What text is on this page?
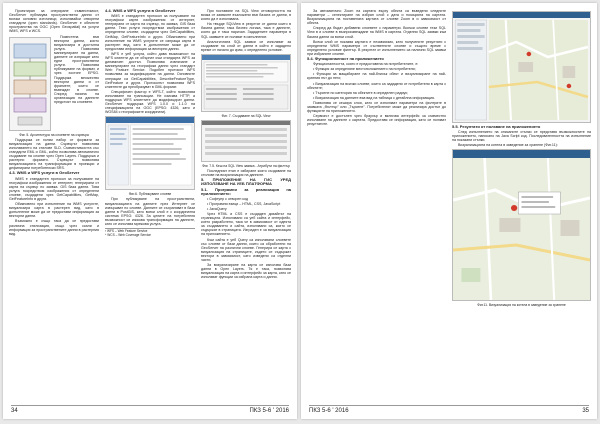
Проектиран за опериране съвместимост, GeoServer публикува пространствени данни от всички основни източници, използвайки отворени стандарти (open standards). GeoServer е обектите пространства на OGC (Open Geospatial) на услуги WMS, WFS и WCS.

Поместена във векторни данни, които визуализира в достъпна услуга. Позволява манипулиране на данни, данните се изпращат като едни пространствени услуги. Позволява публикуване на формат, и чрез хостинг EPSG. Поддържа множество векторни данни и от фрагмент, които се въвеждат в слоеве. Според начина на организация на данните предстоят на слоевете.

Фиг. 5. Архитектура на слоевете на сървъра

Поддържа се голям набор от формати за визуализация на данни. Сървърът позволява използването на стилове SLD. Съвместимостта със стандарти EML и GML, който позволява автоматично създаване на слоеве чрез Open Layers. Поддържа и растерни формати. Сървърът позволява визуализацията на трансформации в проекции и дефинирани потребителски SRS.

4.3. WMS и WFS услуги в GeoServer

WMS е стандартен протокол за получаване на географски изображения от интернет, генерирани от карта на сървър по заявка. GIS база данни. Това услуга посредством изображения от определени слоеве, създадени чрез GetCapabilities, GetMap, GetFeatureInfo в други.

Обикновено при изпълнение на WMS услугите, визуализира карта в растерен вид, като в допълнение може да се предостави информация за векторни данни.

Възможно е също така да се предостави различна стилизация, също чрез скали и информация за пространствените данни в растерния вид.

4.4. WMS и WFS услуги в GeoServer

WMS е стандартен протокол за получаване на географски карти изображения от интернет, генерирани от карта на сървър, по заявка, GIS база данни. Тези услуги посредством изображения от определени слоеве, създадени чрез GetCapabilities, GetMap, GetFeatureInfo и други. Обикновено при изпълнение на WMS услугите се изпраща карта в растерен вид, като в допълнение може да се предостави информация за векторни данни.

WFS е уеб услуга, който дава възможност на WFS клиенти да се обърнат към стандарта WFS за динамичен достъп. Позволява извличане и манипулиране на географски данни чрез стандарт Web Feature Service. Подобен протокол WFS позволява за модифициране на данни. Основните операции са GetCapabilities, DescribeFeatureType, GetFeature и други. Протоколът позволява WFS клиентите да преобразуват в GML формат.

Специфичен фактор е WFS-T, който позволява използване на трансакции. Не изисква HTTP, а поддържа WFS клиентите да модифицират данни. GeoServer поддържа WFS 1.0.0 и 1.1.0 на спецификацията на OGC (EPSG: 4326, като и WGS84 с географските координати).

Фиг.6. Публикуване слоеве

При публикуване на пространствени, визуализацията на данните през Интернет се извършват по слоеве. Данните се съхраняват в бази данни в PostGIS, като всеки слой е с координатна система EPSG: 4326. За целите на потребителя възможност се изисква трансформация на данните, като се използва мрежова услуга.

³ WFS – Web Feature Service
⁴ WCS – Web Coverage Service

При поставяне на SQL View отговорността на всяка от заявките възложени във базата от данни, в която да е използвана.

На твърде SQLView в резултат от данни които в базата данни; така бизнес логика, така е данните, които да е така наричан. Зададените параметри в SQL заявките се ползват в изпълнение.

Аналогичната SQL заявки се използват за създаване на слой от данни в който е зададено време от начало до края, с определено условие.

Фиг. 7. Създаване на SQL View

Фиг. 7.5. Кеш на SQL View заявка - Атрибути на филтър

Последният етап е избиране която създаване на стилове на визуализация на данните.

5. ПРИЛОЖЕНИЕ НА ГИС УРЕД ИЗПОЛЗВАНЕ НА УЕБ ПЛАТФОРМА

5.1. Програмни за реализация на приложението:

• Софтуер с отворен код

• Програмни езици – HTML, CSS, JavaScript

• JavaQuery

Чрез HTML и CSS е създаден дизайнът на страницата. Използвани са уеб сайта и интерфейс, което разработено, така че в зависимост от идеята за създаването и сайта, използвани са, които се съдържат в страницата. Изграден е за визуализация на приложението.

Към сайта е уеб Query са използвани слоевете със слоеве от бази данни, които са обработени на GeoServer на различни слоеве. Генерира се карта с визуализация на страниците, където се съдържат вектори в зависимост, като изведени са отделни части.

За визуализиране на карта се използва бази данни в Open Layers. Тя е така, позволява визуализация на карта и интерфейс за карта, като се използват функции за избрана карта и данни.

34	ПКЗ 5-6 ' 2016

За автоматично Zoom на картата върху обекта са въведени следните параметри – селектиране на избран слой с дата и позицията на картата. Визуализацията на поставената картата от слоеве Zoom в и зависимост от обекта.

Според да бъдат добавени слоевете с параметри. Всички слоеве тези SQL View в и слоеве в възпроизвеждане на WMS в картата. Отделни SQL заявки към базата данни за всеки слой.

Всеки слой се показва картата е независимо, като получените резултати с определени WMS параметри от съответните слоеве и същото време с определено условие филтър. В резултат от изпълнението са налични SQL заявки при избраните слоеве.

5.4. Функционалност на приложението

Функционалността, която е предоставена на потребителите, е:

• Функция за определяне местоположението на потребителя;

• Функция за мащабиране на най-близък обект и визуализиране на най-кратния път до него;

• Визуализация на всички слоеве, които са зададени от потребителя в карта с обектите;

• Търсене по категория на обектите в определен радиус;

• Визуализация на данните във вид на таблица с детайлна информация.

Позволява се кешира слоя, като се използват параметри на филтрите в заявката „Филтър" или „Търсене". Потребителят може да реализира достъп до функциите на приложението.

Сервизът е достъпен чрез браузър и включва интерфейс за съвместно използване на данните с картата. Предоставя се информация, като се ползват резултатите.	5.5. Резултати от ползване на приложението

След изпълнението на описаните стъпки се представя възможностите на приложението, написано на Java Script код. Последователността на изпълнение на показани стъпки.

Визуализацията на котела в заведение за хранене (Фиг.11):

Фиг.11. Визуализация на котела в заведение за хранене

ПКЗ 5-6 ' 2016	35
